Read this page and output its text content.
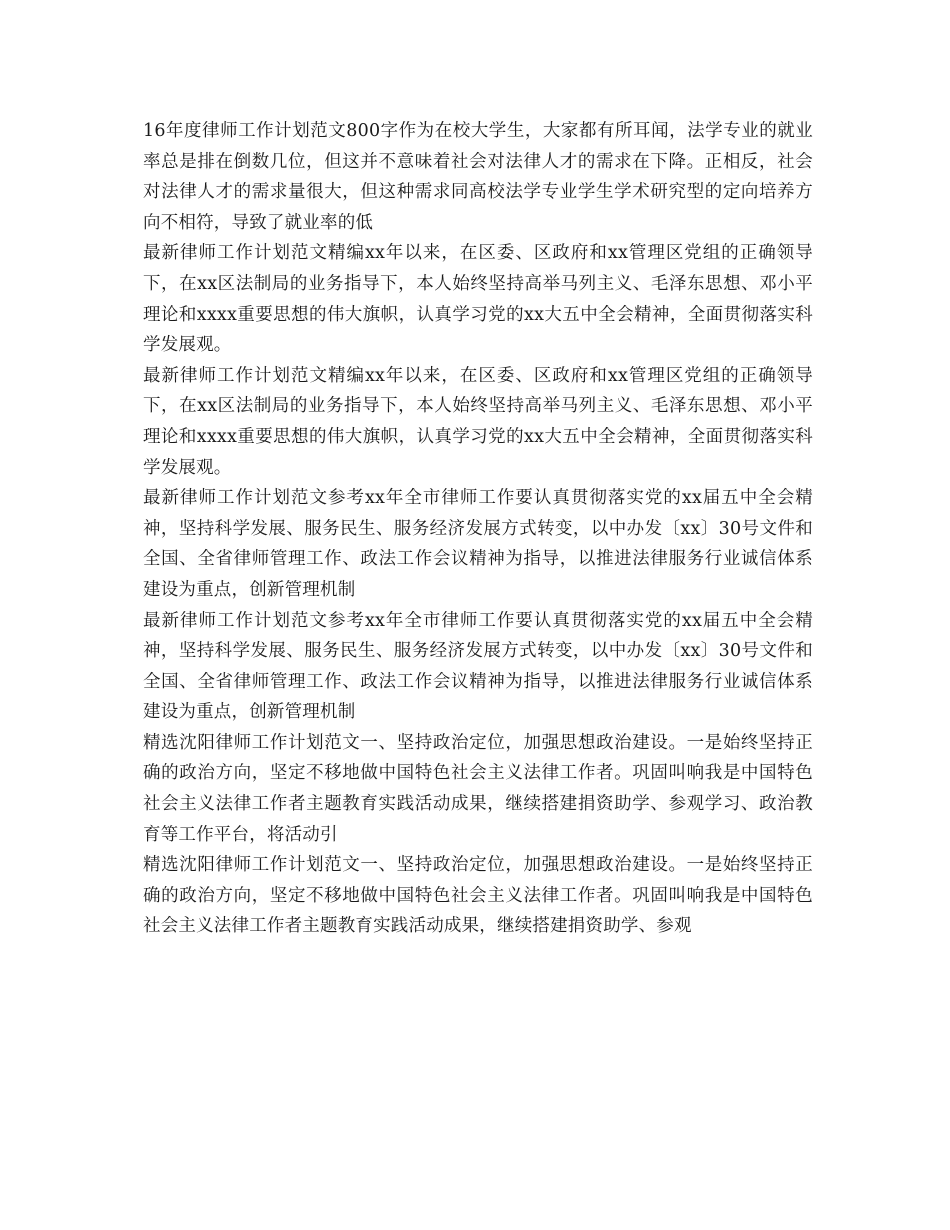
16年度律师工作计划范文800字作为在校大学生，大家都有所耳闻，法学专业的就业率总是排在倒数几位，但这并不意味着社会对法律人才的需求在下降。正相反，社会对法律人才的需求量很大，但这种需求同高校法学专业学生学术研究型的定向培养方向不相符，导致了就业率的低

最新律师工作计划范文精编xx年以来，在区委、区政府和xx管理区党组的正确领导下，在xx区法制局的业务指导下，本人始终坚持高举马列主义、毛泽东思想、邓小平理论和xxxx重要思想的伟大旗帜，认真学习党的xx大五中全会精神，全面贯彻落实科学发展观。

最新律师工作计划范文精编xx年以来，在区委、区政府和xx管理区党组的正确领导下，在xx区法制局的业务指导下，本人始终坚持高举马列主义、毛泽东思想、邓小平理论和xxxx重要思想的伟大旗帜，认真学习党的xx大五中全会精神，全面贯彻落实科学发展观。

最新律师工作计划范文参考xx年全市律师工作要认真贯彻落实党的xx届五中全会精神，坚持科学发展、服务民生、服务经济发展方式转变，以中办发〔xx〕30号文件和全国、全省律师管理工作、政法工作会议精神为指导，以推进法律服务行业诚信体系建设为重点，创新管理机制

最新律师工作计划范文参考xx年全市律师工作要认真贯彻落实党的xx届五中全会精神，坚持科学发展、服务民生、服务经济发展方式转变，以中办发〔xx〕30号文件和全国、全省律师管理工作、政法工作会议精神为指导，以推进法律服务行业诚信体系建设为重点，创新管理机制

精选沈阳律师工作计划范文一、坚持政治定位，加强思想政治建设。一是始终坚持正确的政治方向，坚定不移地做中国特色社会主义法律工作者。巩固叫响我是中国特色社会主义法律工作者主题教育实践活动成果，继续搭建捐资助学、参观学习、政治教育等工作平台，将活动引

精选沈阳律师工作计划范文一、坚持政治定位，加强思想政治建设。一是始终坚持正确的政治方向，坚定不移地做中国特色社会主义法律工作者。巩固叫响我是中国特色社会主义法律工作者主题教育实践活动成果，继续搭建捐资助学、参观
